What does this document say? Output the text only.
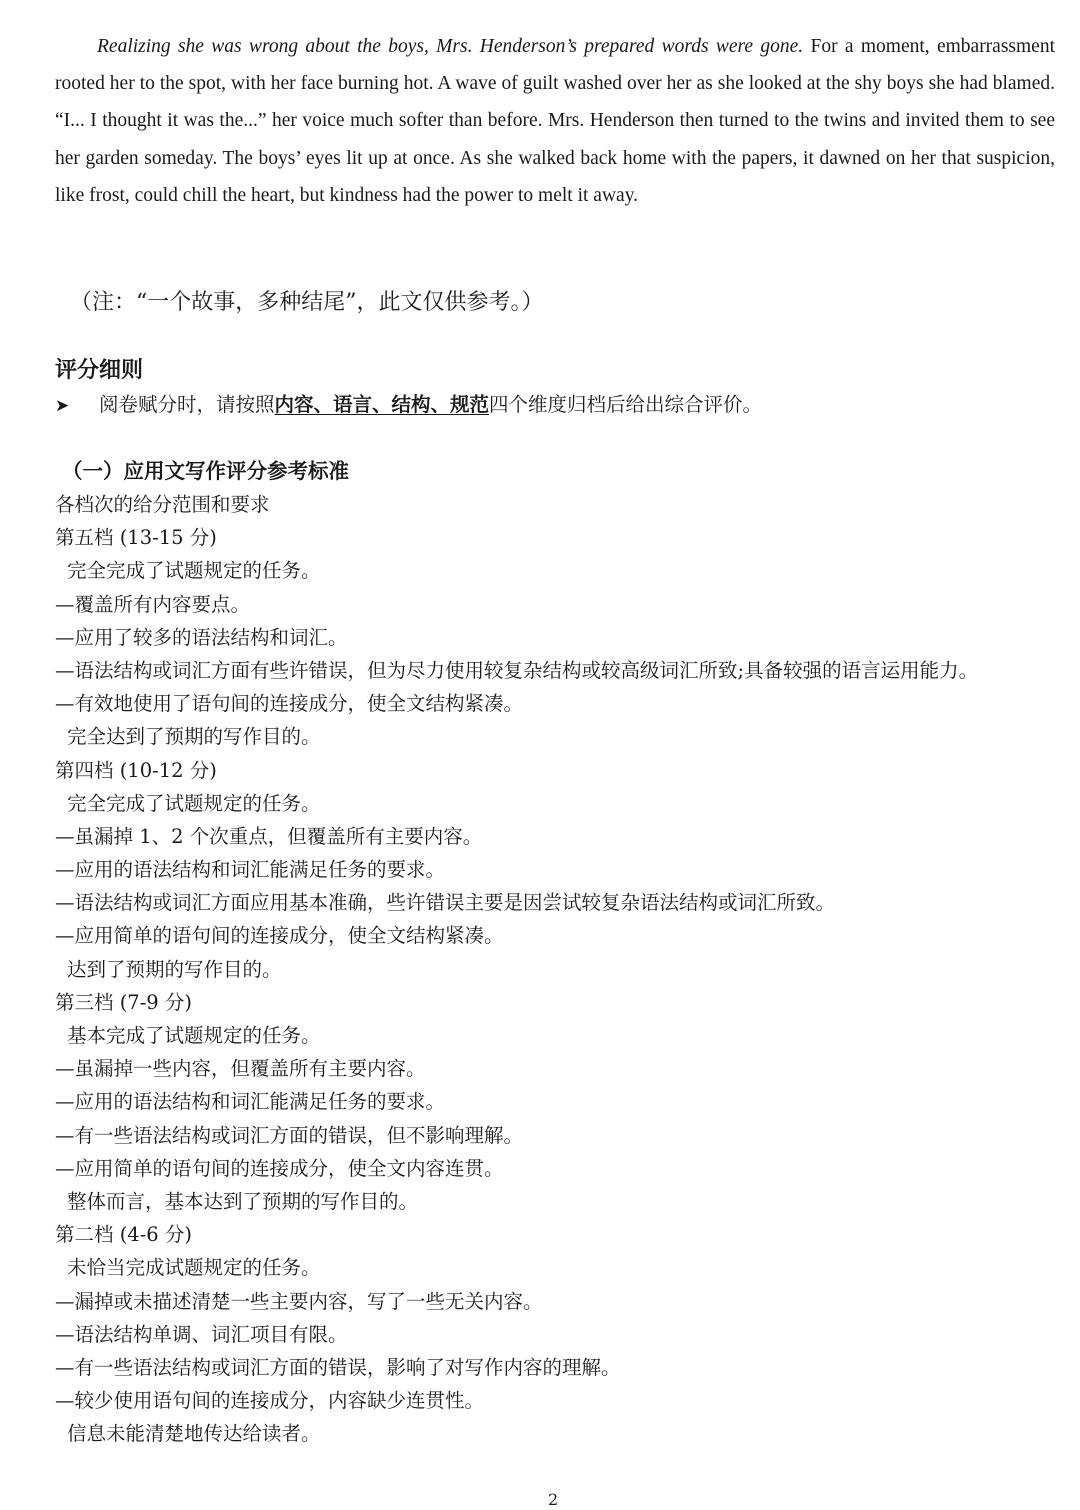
Realizing she was wrong about the boys, Mrs. Henderson’s prepared words were gone. For a moment, embarrassment rooted her to the spot, with her face burning hot. A wave of guilt washed over her as she looked at the shy boys she had blamed. “I... I thought it was the...” her voice much softer than before. Mrs. Henderson then turned to the twins and invited them to see her garden someday. The boys’ eyes lit up at once. As she walked back home with the papers, it dawned on her that suspicion, like frost, could chill the heart, but kindness had the power to melt it away.

（注：“一个故事，多种结尾”，此文仅供参考。）
评分细则
➤ 阅卷赋分时，请按照内容、语言、结构、规范四个维度归档后给出综合评价。
（一）应用文写作评分参考标准
各档次的给分范围和要求
第五档 (13-15 分)
完全完成了试题规定的任务。
—覆盖所有内容要点。
—应用了较多的语法结构和词汇。
—语法结构或词汇方面有些许错误，但为尽力使用较复杂结构或较高级词汇所致;具备较强的语言运用能力。
—有效地使用了语句间的连接成分，使全文结构紧凑。
完全达到了预期的写作目的。
第四档 (10-12 分)
完全完成了试题规定的任务。
—虽漏掉 1、2 个次重点，但覆盖所有主要内容。
—应用的语法结构和词汇能满足任务的要求。
—语法结构或词汇方面应用基本准确，些许错误主要是因尝试较复杂语法结构或词汇所致。
—应用简单的语句间的连接成分，使全文结构紧凑。
达到了预期的写作目的。
第三档 (7-9 分)
基本完成了试题规定的任务。
—虽漏掉一些内容，但覆盖所有主要内容。
—应用的语法结构和词汇能满足任务的要求。
—有一些语法结构或词汇方面的错误，但不影响理解。
—应用简单的语句间的连接成分，使全文内容连贯。
整体而言，基本达到了预期的写作目的。
第二档 (4-6 分)
未恰当完成试题规定的任务。
—漏掉或未描述清楚一些主要内容，写了一些无关内容。
—语法结构单调、词汇项目有限。
—有一些语法结构或词汇方面的错误，影响了对写作内容的理解。
—较少使用语句间的连接成分，内容缺少连贯性。
信息未能清楚地传达给读者。
2
